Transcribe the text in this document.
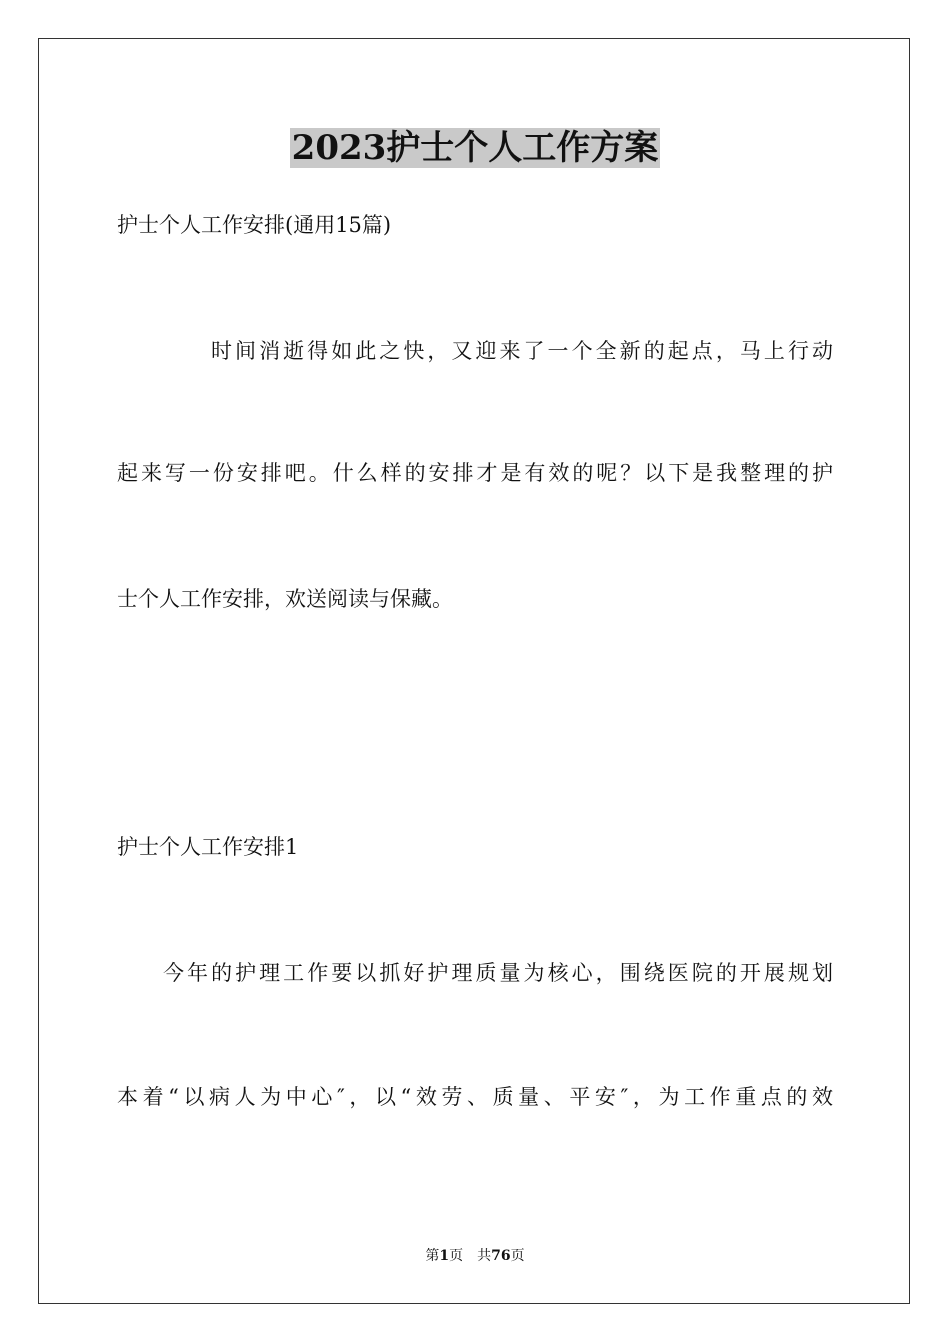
2023护士个人工作方案
护士个人工作安排(通用15篇)
时间消逝得如此之快，又迎来了一个全新的起点，马上行动
起来写一份安排吧。什么样的安排才是有效的呢？以下是我整理的护
士个人工作安排，欢送阅读与保藏。
护士个人工作安排1
今年的护理工作要以抓好护理质量为核心，围绕医院的开展规划
本着“以病人为中心″，以“效劳、质量、平安″，为工作重点的效
第1页　共76页
